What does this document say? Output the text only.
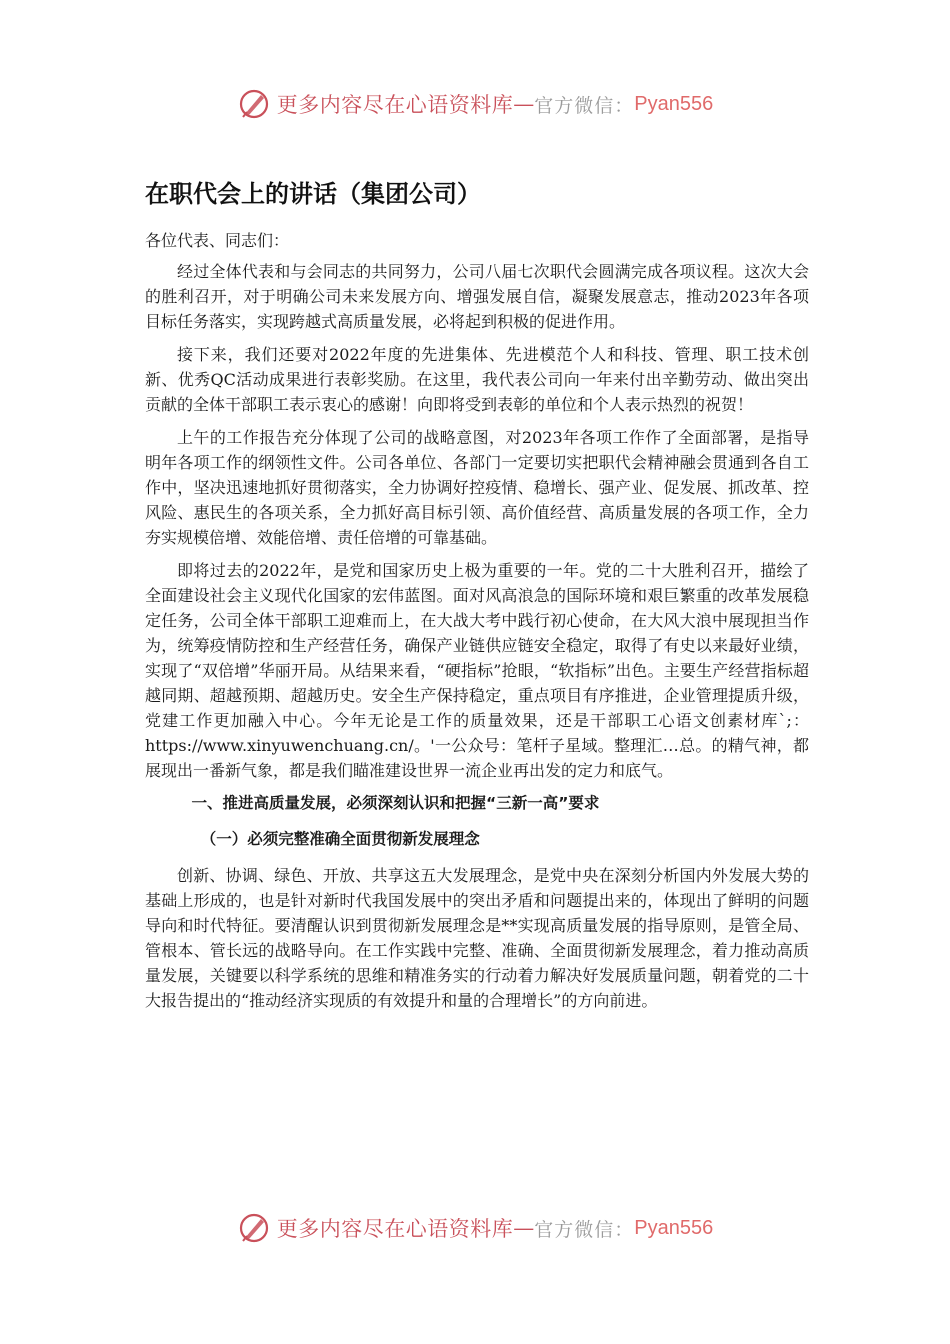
更多内容尽在心语资料库 — 官方微信： Pyan556
在职代会上的讲话（集团公司）

各位代表、同志们：

经过全体代表和与会同志的共同努力，公司八届七次职代会圆满完成各项议程。这次大会的胜利召开，对于明确公司未来发展方向、增强发展自信，凝聚发展意志，推动2023年各项目标任务落实，实现跨越式高质量发展，必将起到积极的促进作用。

接下来，我们还要对2022年度的先进集体、先进模范个人和科技、管理、职工技术创新、优秀QC活动成果进行表彰奖励。在这里，我代表公司向一年来付出辛勤劳动、做出突出贡献的全体干部职工表示衷心的感谢！向即将受到表彰的单位和个人表示热烈的祝贺！

上午的工作报告充分体现了公司的战略意图，对2023年各项工作作了全面部署，是指导明年各项工作的纲领性文件。公司各单位、各部门一定要切实把职代会精神融会贯通到各自工作中，坚决迅速地抓好贯彻落实，全力协调好控疫情、稳增长、强产业、促发展、抓改革、控风险、惠民生的各项关系，全力抓好高目标引领、高价值经营、高质量发展的各项工作，全力夯实规模倍增、效能倍增、责任倍增的可靠基础。

即将过去的2022年，是党和国家历史上极为重要的一年。党的二十大胜利召开，描绘了全面建设社会主义现代化国家的宏伟蓝图。面对风高浪急的国际环境和艰巨繁重的改革发展稳定任务，公司全体干部职工迎难而上，在大战大考中践行初心使命，在大风大浪中展现担当作为，统筹疫情防控和生产经营任务，确保产业链供应链安全稳定，取得了有史以来最好业绩，实现了“双倍增”华丽开局。从结果来看，“硬指标”抢眼，“软指标”出色。主要生产经营指标超越同期、超越预期、超越历史。安全生产保持稳定，重点项目有序推进，企业管理提质升级，党建工作更加融入中心。今年无论是工作的质量效果，还是干部职工心语文创素材库`;：https://www.xinyuwenchuang.cn/。'一公众号：笔杆子星域。整理汇…总。的精气神，都展现出一番新气象，都是我们瞄准建设世界一流企业再出发的定力和底气。

一、推进高质量发展，必须深刻认识和把握“三新一高”要求
（一）必须完整准确全面贯彻新发展理念

创新、协调、绿色、开放、共享这五大发展理念，是党中央在深刻分析国内外发展大势的基础上形成的，也是针对新时代我国发展中的突出矛盾和问题提出来的，体现出了鲜明的问题导向和时代特征。要清醒认识到贯彻新发展理念是**实现高质量发展的指导原则，是管全局、管根本、管长远的战略导向。在工作实践中完整、准确、全面贯彻新发展理念，着力推动高质量发展，关键要以科学系统的思维和精准务实的行动着力解决好发展质量问题，朝着党的二十大报告提出的“推动经济实现质的有效提升和量的合理增长”的方向前进。

更多内容尽在心语资料库 — 官方微信： Pyan556
